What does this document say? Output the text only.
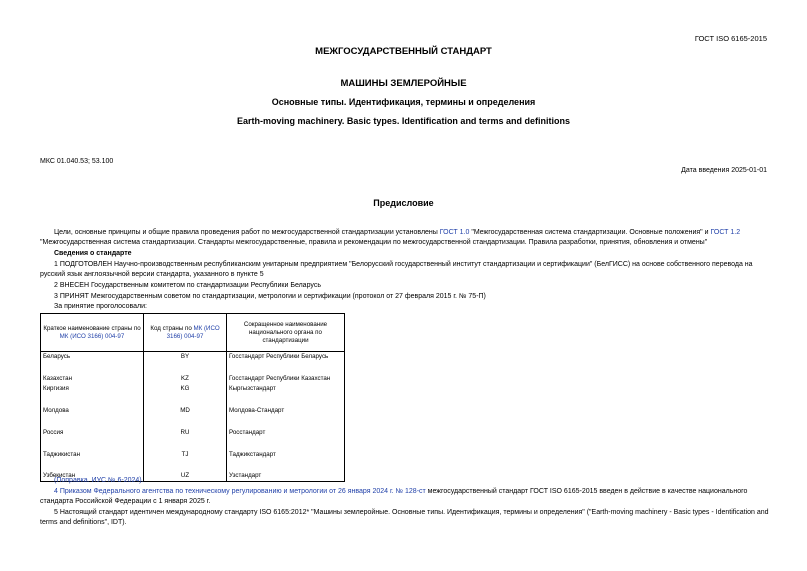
ГОСТ ISO 6165-2015
МЕЖГОСУДАРСТВЕННЫЙ СТАНДАРТ
МАШИНЫ ЗЕМЛЕРОЙНЫЕ
Основные типы. Идентификация, термины и определения
Earth-moving machinery. Basic types. Identification and terms and definitions
МКС 01.040.53; 53.100
Дата введения 2025-01-01
Предисловие
Цели, основные принципы и общие правила проведения работ по межгосударственной стандартизации установлены ГОСТ 1.0 "Межгосударственная система стандартизации. Основные положения" и ГОСТ 1.2 "Межгосударственная система стандартизации. Стандарты межгосударственные, правила и рекомендации по межгосударственной стандартизации. Правила разработки, принятия, обновления и отмены"
Сведения о стандарте
1 ПОДГОТОВЛЕН Научно-производственным республиканским унитарным предприятием "Белорусский государственный институт стандартизации и сертификации" (БелГИСС) на основе собственного перевода на русский язык англоязычной версии стандарта, указанного в пункте 5
2 ВНЕСЕН Государственным комитетом по стандартизации Республики Беларусь
3 ПРИНЯТ Межгосударственным советом по стандартизации, метрологии и сертификации (протокол от 27 февраля 2015 г. № 75-П)
За принятие проголосовали:
Краткое наименование страны по МК (ИСО 3166) 004-97	Код страны по МК (ИСО 3166) 004-97	Сокращенное наименование национального органа по стандартизации
Беларусь	BY	Госстандарт Республики Беларусь
Казахстан	KZ	Госстандарт Республики Казахстан
Киргизия	KG	Кыргызстандарт
Молдова	MD	Молдова-Стандарт
Россия	RU	Росстандарт
Таджикистан	TJ	Таджикстандарт
Узбекистан	UZ	Узстандарт
(Поправка. ИУС № 6-2024).
4 Приказом Федерального агентства по техническому регулированию и метрологии от 26 января 2024 г. № 128-ст межгосударственный стандарт ГОСТ ISO 6165-2015 введен в действие в качестве национального стандарта Российской Федерации с 1 января 2025 г.
5 Настоящий стандарт идентичен международному стандарту ISO 6165:2012* "Машины землеройные. Основные типы. Идентификация, термины и определения" ("Earth-moving machinery - Basic types - Identification and terms and definitions", IDT).
